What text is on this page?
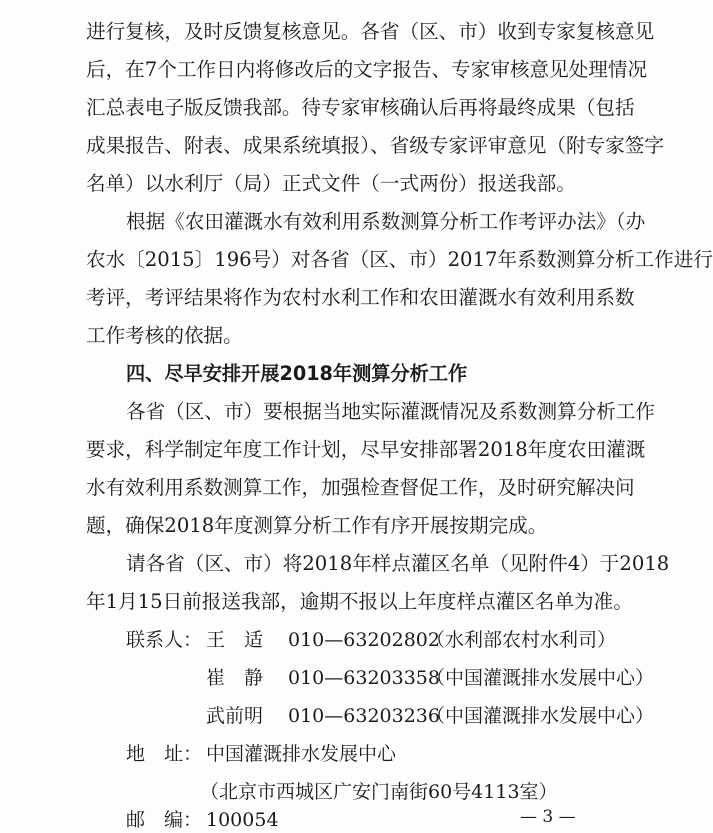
进行复核，及时反馈复核意见。各省（区、市）收到专家复核意见
后，在7个工作日内将修改后的文字报告、专家审核意见处理情况
汇总表电子版反馈我部。待专家审核确认后再将最终成果（包括
成果报告、附表、成果系统填报）、省级专家评审意见（附专家签字
名单）以水利厅（局）正式文件（一式两份）报送我部。
根据《农田灌溉水有效利用系数测算分析工作考评办法》（办
农水〔2015〕196号）对各省（区、市）2017年系数测算分析工作进行
考评，考评结果将作为农村水利工作和农田灌溉水有效利用系数
工作考核的依据。
四、尽早安排开展2018年测算分析工作
各省（区、市）要根据当地实际灌溉情况及系数测算分析工作
要求，科学制定年度工作计划，尽早安排部署2018年度农田灌溉
水有效利用系数测算工作，加强检查督促工作，及时研究解决问
题，确保2018年度测算分析工作有序开展按期完成。
请各省（区、市）将2018年样点灌区名单（见附件4）于2018
年1月15日前报送我部，逾期不报以上年度样点灌区名单为准。
联系人： 王　适 010—63202802
（水利部农村水利司）
崔　静 010—63203358
（中国灌溉排水发展中心）
武前明 010—63203236
（中国灌溉排水发展中心）
地　址： 中国灌溉排水发展中心
（北京市西城区广安门南街60号4113室）
邮　编： 100054	— 3 —
